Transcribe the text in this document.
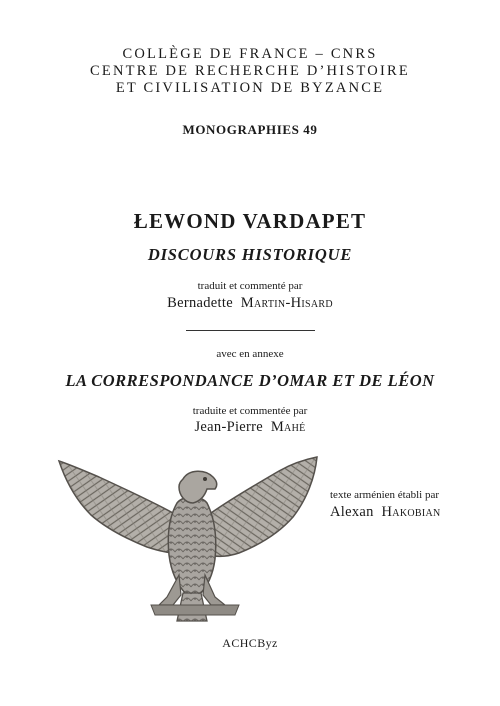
COLLÈGE DE FRANCE – CNRS
CENTRE DE RECHERCHE D’HISTOIRE
ET CIVILISATION DE BYZANCE
MONOGRAPHIES 49
ŁEWOND VARDAPET
DISCOURS HISTORIQUE
traduit et commenté par
Bernadette Martin-Hisard
avec en annexe
LA CORRESPONDANCE D’OMAR ET DE LÉON
traduite et commentée par
Jean-Pierre Mahé
texte arménien établi par
Alexan Hakobian
ACHCByz
